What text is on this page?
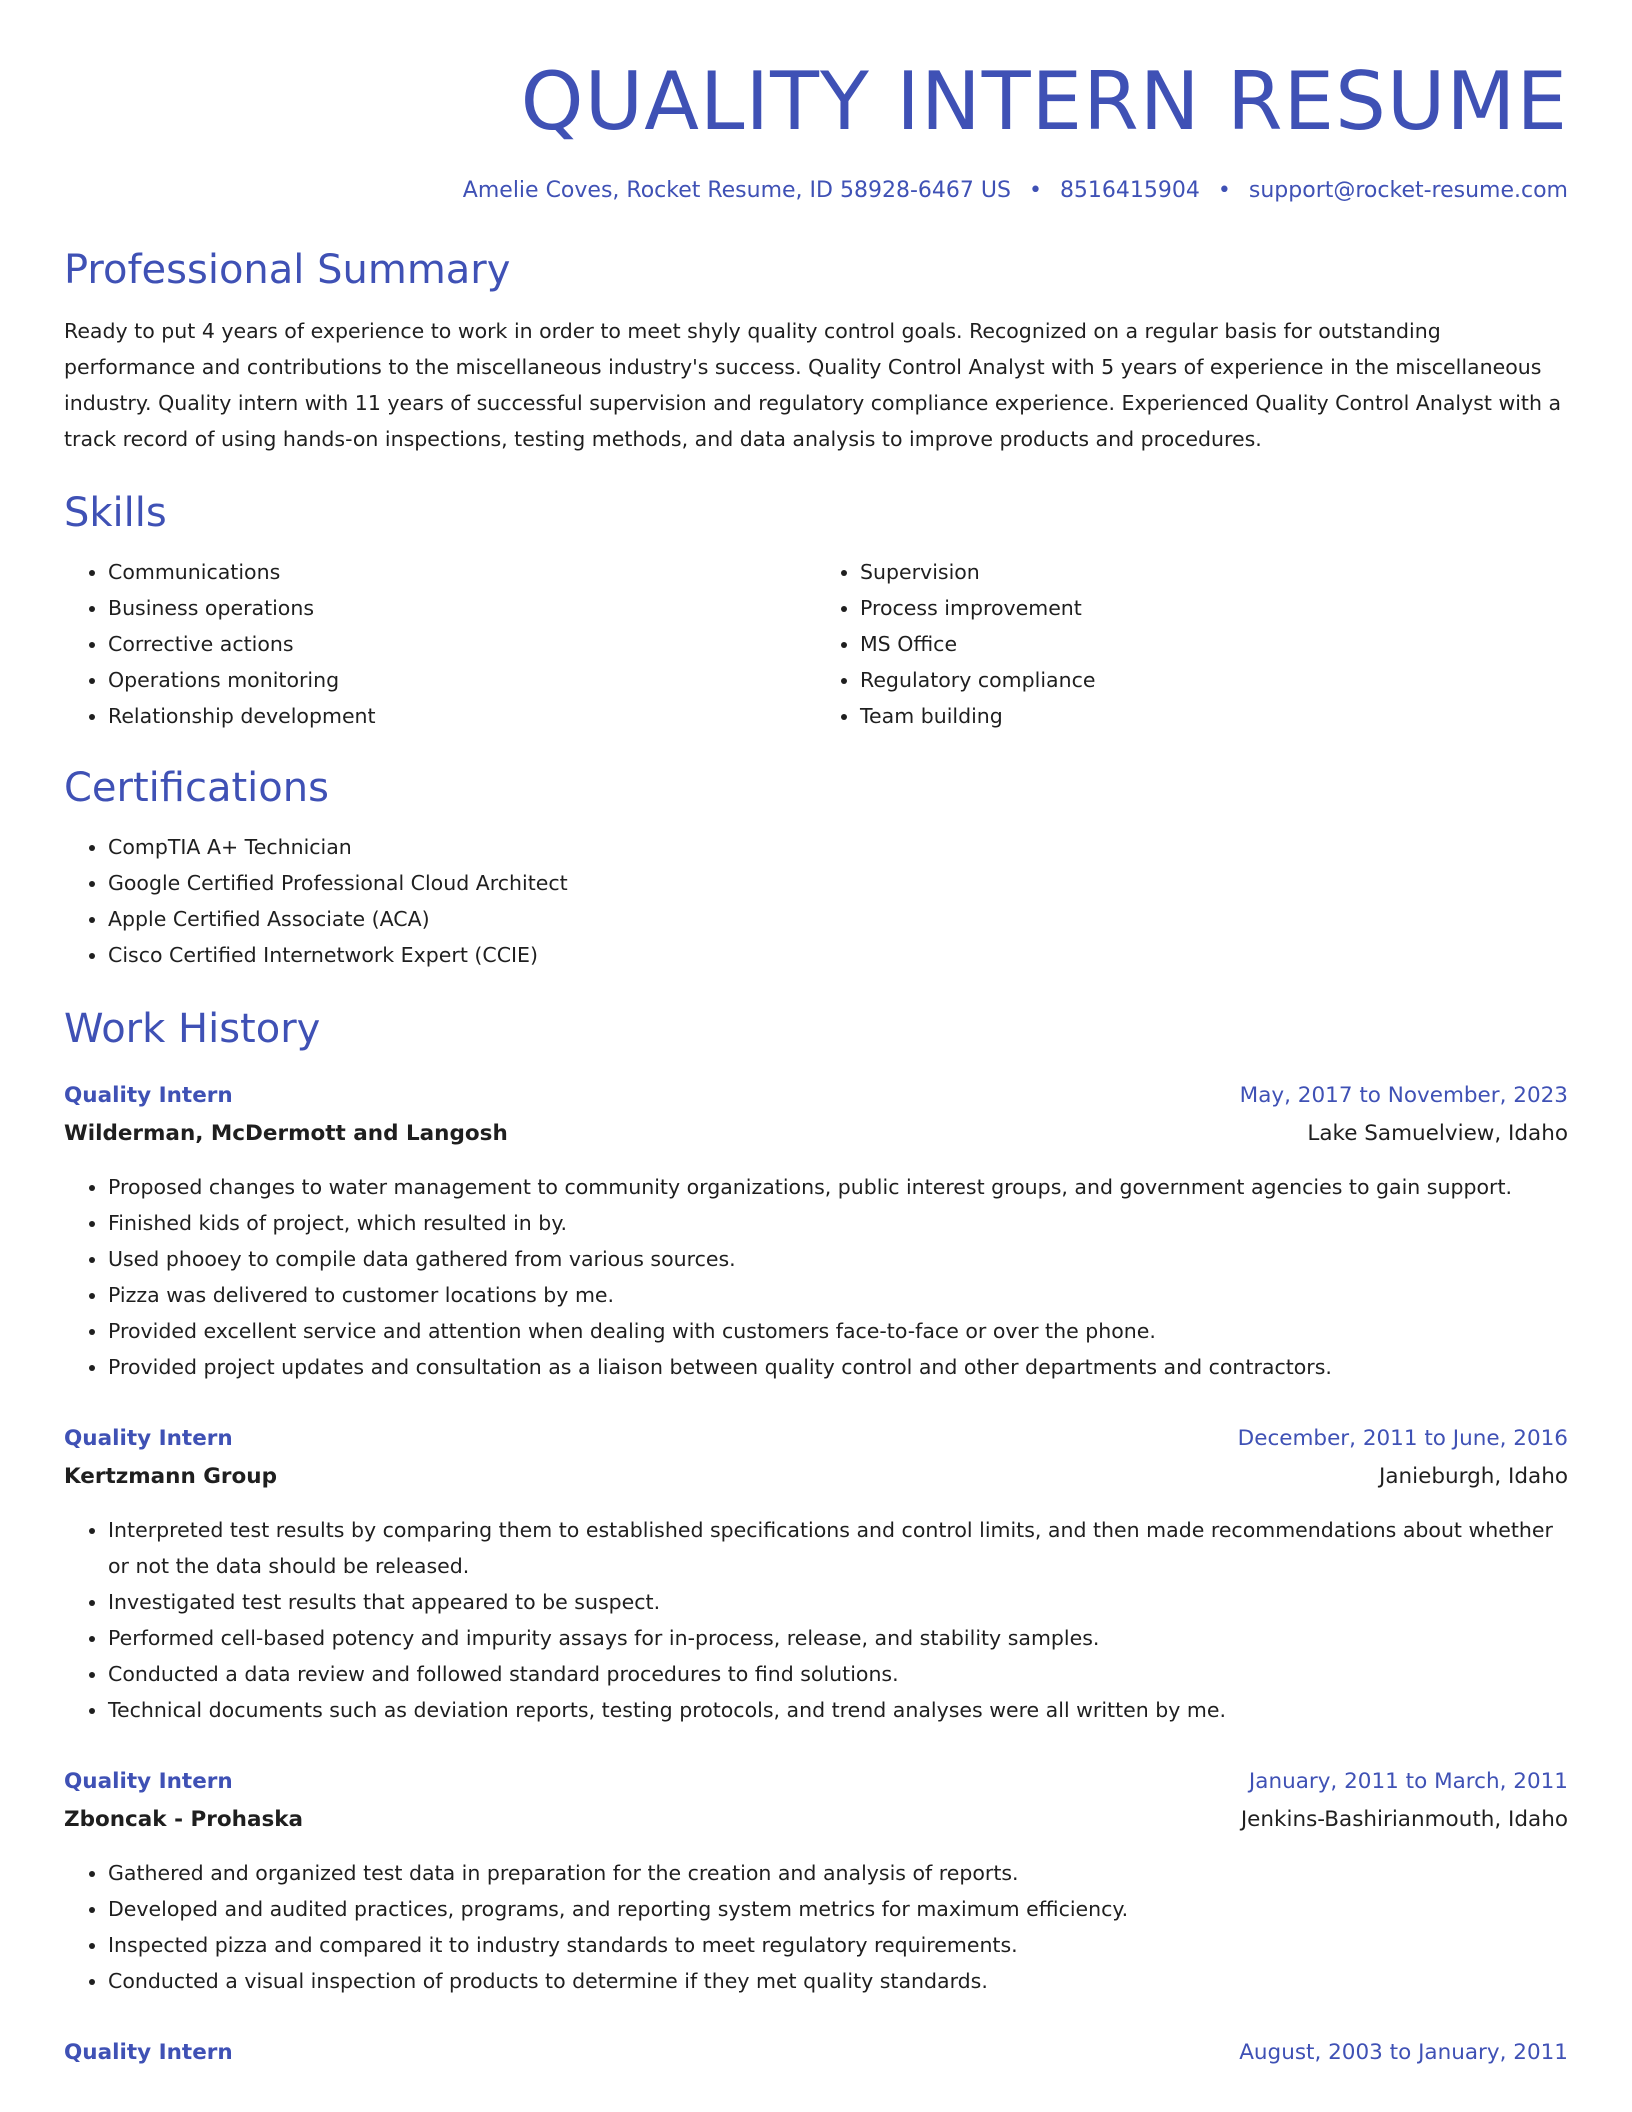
QUALITY INTERN RESUME
Amelie Coves, Rocket Resume, ID 58928-6467 US • 8516415904 • support@rocket-resume.com
Professional Summary

Ready to put 4 years of experience to work in order to meet shyly quality control goals. Recognized on a regular basis for outstanding performance and contributions to the miscellaneous industry's success. Quality Control Analyst with 5 years of experience in the miscellaneous industry. Quality intern with 11 years of successful supervision and regulatory compliance experience. Experienced Quality Control Analyst with a track record of using hands-on inspections, testing methods, and data analysis to improve products and procedures.

Skills
• Communications
• Business operations
• Corrective actions
• Operations monitoring
• Relationship development
• Supervision
• Process improvement
• MS Office
• Regulatory compliance
• Team building
Certifications
• CompTIA A+ Technician
• Google Certified Professional Cloud Architect
• Apple Certified Associate (ACA)
• Cisco Certified Internetwork Expert (CCIE)
Work History
Quality Intern	May, 2017 to November, 2023
Wilderman, McDermott and Langosh	Lake Samuelview, Idaho
• Proposed changes to water management to community organizations, public interest groups, and government agencies to gain support.
• Finished kids of project, which resulted in by.
• Used phooey to compile data gathered from various sources.
• Pizza was delivered to customer locations by me.
• Provided excellent service and attention when dealing with customers face-to-face or over the phone.
• Provided project updates and consultation as a liaison between quality control and other departments and contractors.
Quality Intern	December, 2011 to June, 2016
Kertzmann Group	Janieburgh, Idaho
• Interpreted test results by comparing them to established specifications and control limits, and then made recommendations about whether or not the data should be released.
• Investigated test results that appeared to be suspect.
• Performed cell-based potency and impurity assays for in-process, release, and stability samples.
• Conducted a data review and followed standard procedures to find solutions.
• Technical documents such as deviation reports, testing protocols, and trend analyses were all written by me.
Quality Intern	January, 2011 to March, 2011
Zboncak - Prohaska	Jenkins-Bashirianmouth, Idaho
• Gathered and organized test data in preparation for the creation and analysis of reports.
• Developed and audited practices, programs, and reporting system metrics for maximum efficiency.
• Inspected pizza and compared it to industry standards to meet regulatory requirements.
• Conducted a visual inspection of products to determine if they met quality standards.
Quality Intern	August, 2003 to January, 2011
